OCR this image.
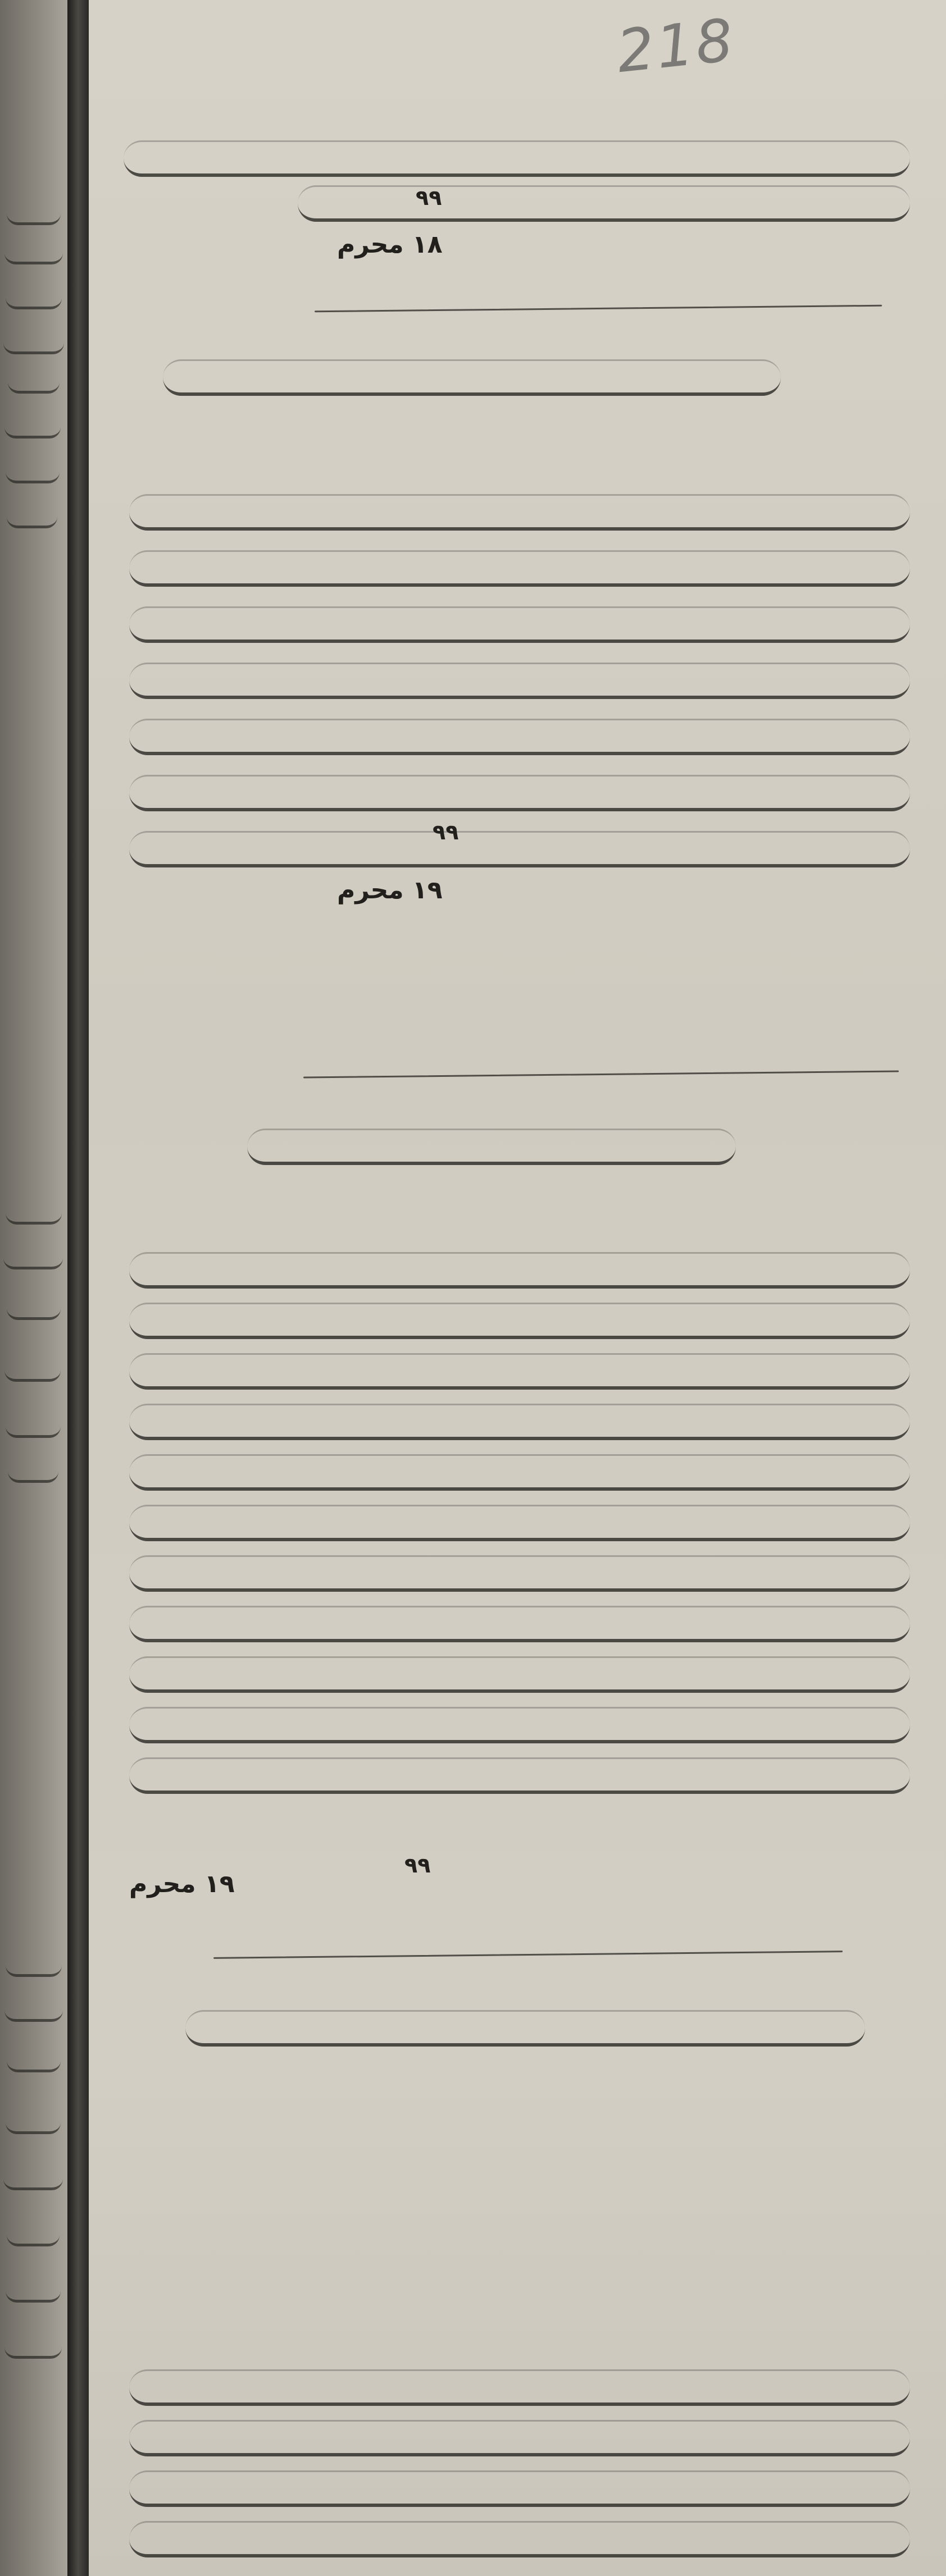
218
٩٩
١٨ محرم
٩٩
١٩ محرم
٩٩
١٩ محرم
